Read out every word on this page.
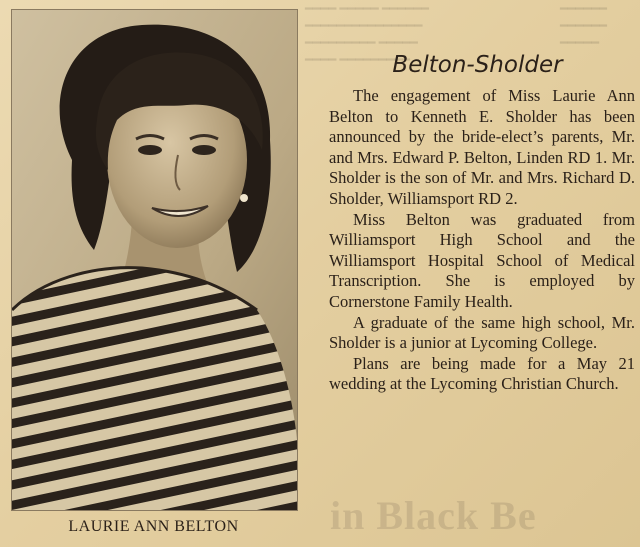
━━━━ ━━━━━ ━━━━━━
━━━━━━━━━━━━━━━
━━━━━━━━━ ━━━━━
━━━━ ━━━━━━━━━
━━━━━━
━━━━━━
━━━━━
in Black Be
LAURIE ANN BELTON
Belton-Sholder

The engagement of Miss Laurie Ann Belton to Kenneth E. Sholder has been announced by the bride-elect’s parents, Mr. and Mrs. Edward P. Belton, Linden RD 1. Mr. Sholder is the son of Mr. and Mrs. Richard D. Sholder, Williamsport RD 2.

Miss Belton was graduated from Williamsport High School and the Williamsport Hospital School of Medical Transcription. She is employed by Cornerstone Family Health.

A graduate of the same high school, Mr. Sholder is a junior at Lycoming College.

Plans are being made for a May 21 wedding at the Lycoming Christian Church.
